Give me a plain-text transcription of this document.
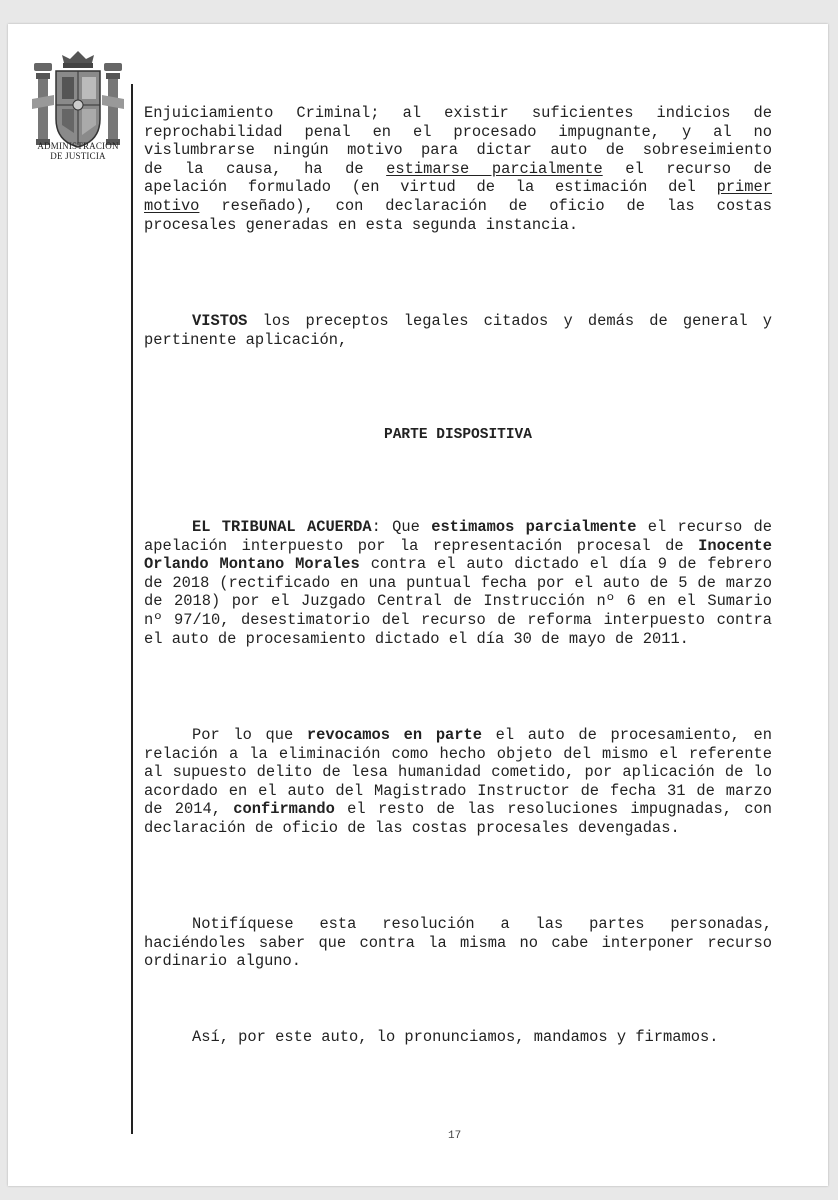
ADMINISTRACION
DE JUSTICIA

Enjuiciamiento Criminal; al existir suficientes indicios de

reprochabilidad penal en el procesado impugnante, y al no

vislumbrarse ningún motivo para dictar auto de sobreseimiento

de la causa, ha de estimarse parcialmente el recurso de

apelación formulado (en virtud de la estimación del primer

motivo reseñado), con declaración de oficio de las costas

procesales generadas en esta segunda instancia.

VISTOS los preceptos legales citados y demás de general y pertinente aplicación,

PARTE DISPOSITIVA

EL TRIBUNAL ACUERDA: Que estimamos parcialmente el recurso de apelación interpuesto por la representación procesal de Inocente Orlando Montano Morales contra el auto dictado el día 9 de febrero de 2018 (rectificado en una puntual fecha por el auto de 5 de marzo de 2018) por el Juzgado Central de Instrucción nº 6 en el Sumario nº 97/10, desestimatorio del recurso de reforma interpuesto contra el auto de procesamiento dictado el día 30 de mayo de 2011.

Por lo que revocamos en parte el auto de procesamiento, en relación a la eliminación como hecho objeto del mismo el referente al supuesto delito de lesa humanidad cometido, por aplicación de lo acordado en el auto del Magistrado Instructor de fecha 31 de marzo de 2014, confirmando el resto de las resoluciones impugnadas, con declaración de oficio de las costas procesales devengadas.

Notifíquese esta resolución a las partes personadas, haciéndoles saber que contra la misma no cabe interponer recurso ordinario alguno.

Así, por este auto, lo pronunciamos, mandamos y firmamos.

17
